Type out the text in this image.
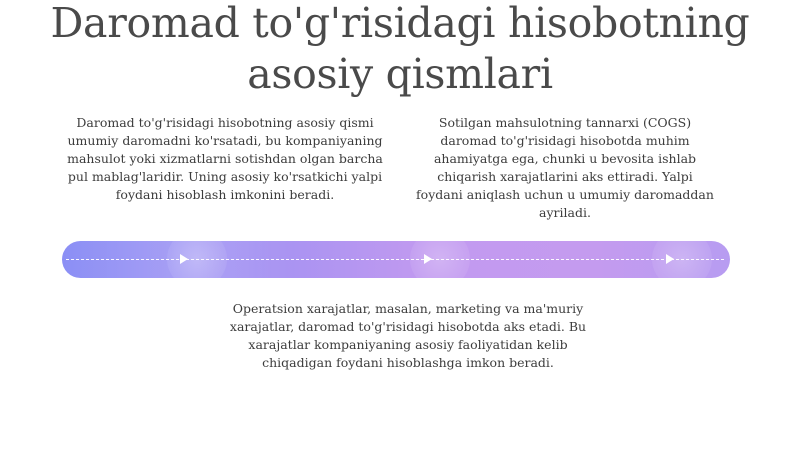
Daromad to'g'risidagi hisobotning
asosiy qismlari
Daromad to'g'risidagi hisobotning asosiy qismi umumiy daromadni ko'rsatadi, bu kompaniyaning mahsulot yoki xizmatlarni sotishdan olgan barcha pul mablag'laridir. Uning asosiy ko'rsatkichi yalpi foydani hisoblash imkonini beradi.
Sotilgan mahsulotning tannarxi (COGS) daromad to'g'risidagi hisobotda muhim ahamiyatga ega, chunki u bevosita ishlab chiqarish xarajatlarini aks ettiradi. Yalpi foydani aniqlash uchun u umumiy daromaddan ayriladi.
Operatsion xarajatlar, masalan, marketing va ma'muriy xarajatlar, daromad to'g'risidagi hisobotda aks etadi. Bu xarajatlar kompaniyaning asosiy faoliyatidan kelib chiqadigan foydani hisoblashga imkon beradi.
